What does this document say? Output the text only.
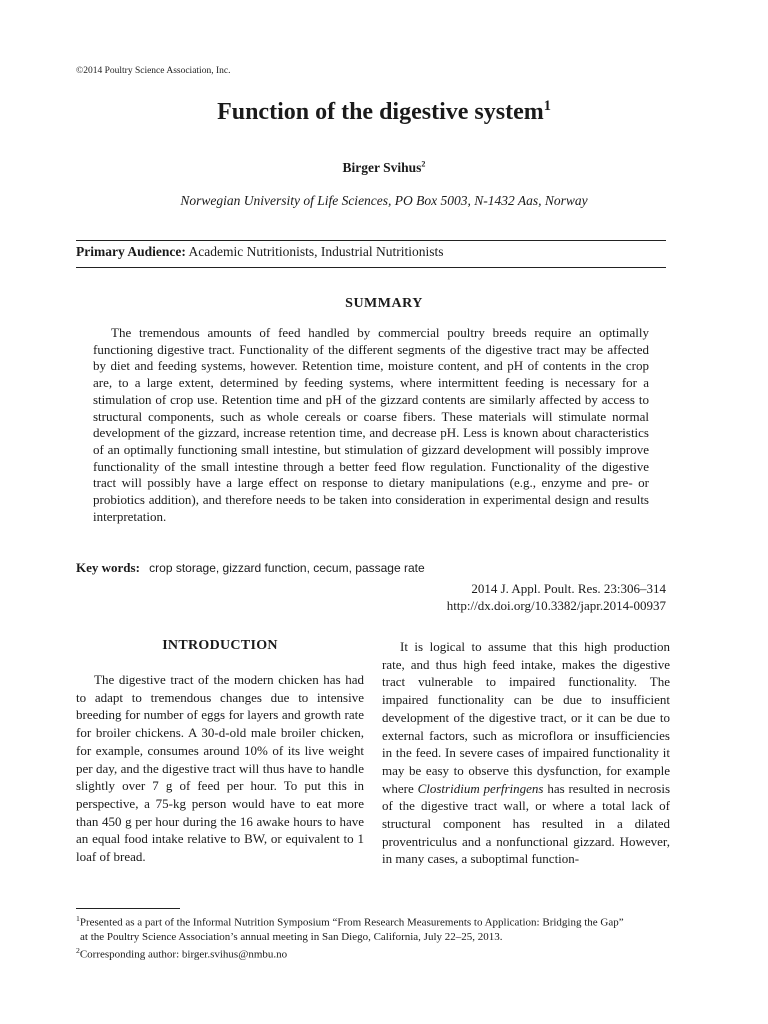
©2014 Poultry Science Association, Inc.
Function of the digestive system$^1$
Birger Svihus$^2$
Norwegian University of Life Sciences, PO Box 5003, N-1432 Aas, Norway
Primary Audience: Academic Nutritionists, Industrial Nutritionists
SUMMARY

The tremendous amounts of feed handled by commercial poultry breeds require an optimally functioning digestive tract. Functionality of the different segments of the digestive tract may be affected by diet and feeding systems, however. Retention time, moisture content, and pH of contents in the crop are, to a large extent, determined by feeding systems, where intermittent feeding is necessary for a stimulation of crop use. Retention time and pH of the gizzard contents are similarly affected by access to structural components, such as whole cereals or coarse fibers. These materials will stimulate normal development of the gizzard, increase retention time, and decrease pH. Less is known about characteristics of an optimally functioning small intestine, but stimulation of gizzard development will possibly improve functionality of the small intestine through a better feed flow regulation. Functionality of the digestive tract will possibly have a large effect on response to dietary manipulations (e.g., enzyme and pre- or probiotics addition), and therefore needs to be taken into consideration in experimental design and results interpretation.

Key words: crop storage, gizzard function, cecum, passage rate
2014 J. Appl. Poult. Res. 23:306–314
http://dx.doi.org/10.3382/japr.2014-00937
INTRODUCTION

The digestive tract of the modern chicken has had to adapt to tremendous changes due to intensive breeding for number of eggs for layers and growth rate for broiler chickens. A 30-d-old male broiler chicken, for example, consumes around 10% of its live weight per day, and the digestive tract will thus have to handle slightly over 7 g of feed per hour. To put this in perspective, a 75-kg person would have to eat more than 450 g per hour during the 16 awake hours to have an equal food intake relative to BW, or equivalent to 1 loaf of bread.

It is logical to assume that this high production rate, and thus high feed intake, makes the digestive tract vulnerable to impaired functionality. The impaired functionality can be due to insufficient development of the digestive tract, or it can be due to external factors, such as microflora or insufficiencies in the feed. In severe cases of impaired functionality it may be easy to observe this dysfunction, for example where Clostridium perfringens has resulted in necrosis of the digestive tract wall, or where a total lack of structural component has resulted in a dilated proventriculus and a nonfunctional gizzard. However, in many cases, a suboptimal function-

$^1$Presented as a part of the Informal Nutrition Symposium “From Research Measurements to Application: Bridging the Gap”
at the Poultry Science Association’s annual meeting in San Diego, California, July 22–25, 2013.
$^2$Corresponding author: birger.svihus@nmbu.no
